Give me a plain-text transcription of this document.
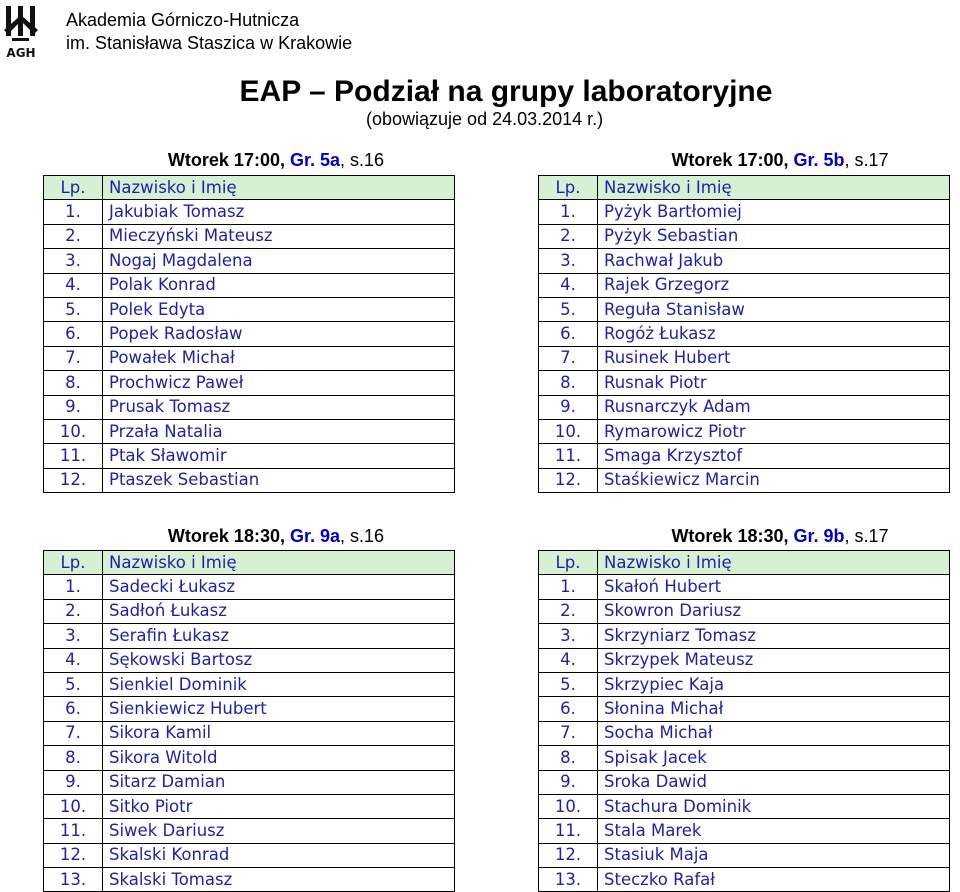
AGH
Akademia Górniczo-Hutnicza
im. Stanisława Staszica w Krakowie
EAP – Podział na grupy laboratoryjne
(obowiązuje od 24.03.2014 r.)
Wtorek 17:00, Gr. 5a, s.16	Wtorek 17:00, Gr. 5b, s.17
Wtorek 18:30, Gr. 9a, s.16	Wtorek 18:30, Gr. 9b, s.17
Lp.	Nazwisko i Imię
1.	Jakubiak Tomasz
2.	Mieczyński Mateusz
3.	Nogaj Magdalena
4.	Polak Konrad
5.	Polek Edyta
6.	Popek Radosław
7.	Powałek Michał
8.	Prochwicz Paweł
9.	Prusak Tomasz
10.	Przała Natalia
11.	Ptak Sławomir
12.	Ptaszek Sebastian
Lp.	Nazwisko i Imię
1.	Pyżyk Bartłomiej
2.	Pyżyk Sebastian
3.	Rachwał Jakub
4.	Rajek Grzegorz
5.	Reguła Stanisław
6.	Rogóż Łukasz
7.	Rusinek Hubert
8.	Rusnak Piotr
9.	Rusnarczyk Adam
10.	Rymarowicz Piotr
11.	Smaga Krzysztof
12.	Staśkiewicz Marcin
Lp.	Nazwisko i Imię
1.	Sadecki Łukasz
2.	Sadłoń Łukasz
3.	Serafin Łukasz
4.	Sękowski Bartosz
5.	Sienkiel Dominik
6.	Sienkiewicz Hubert
7.	Sikora Kamil
8.	Sikora Witold
9.	Sitarz Damian
10.	Sitko Piotr
11.	Siwek Dariusz
12.	Skalski Konrad
13.	Skalski Tomasz
Lp.	Nazwisko i Imię
1.	Skałoń Hubert
2.	Skowron Dariusz
3.	Skrzyniarz Tomasz
4.	Skrzypek Mateusz
5.	Skrzypiec Kaja
6.	Słonina Michał
7.	Socha Michał
8.	Spisak Jacek
9.	Sroka Dawid
10.	Stachura Dominik
11.	Stala Marek
12.	Stasiuk Maja
13.	Steczko Rafał
